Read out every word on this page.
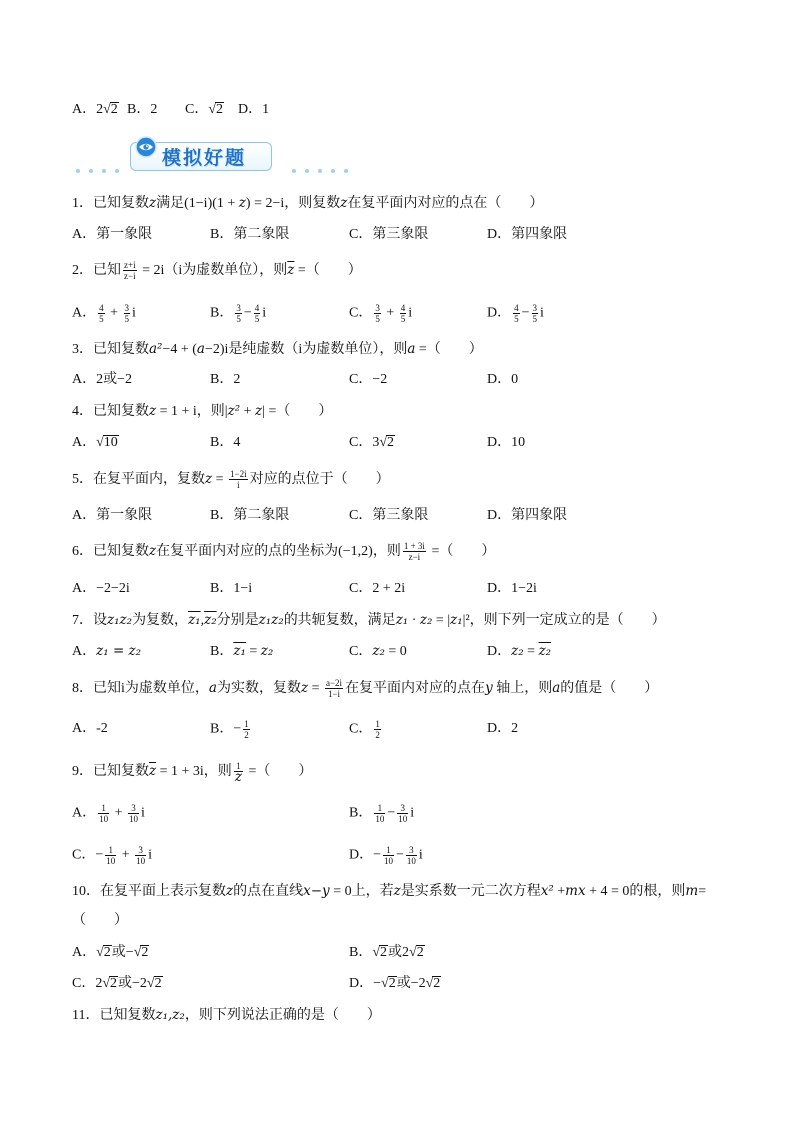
A．2√2 B．2 C．√2 D．1
模拟好题
1．已知复数z满足(1−i)(1 + z) = 2−i，则复数z在复平面内对应的点在（　　）
A．第一象限	B．第二象限	C．第三象限	D．第四象限
2．已知 $\frac{z+i}{z-i} = 2i(i$为虚数单位），则$\overline{z}$ =（　　）
A． $\frac{4}{5} + \frac{3}{5}$ i	B． $\frac{3}{5} - \frac{4}{5}$ i	C． $\frac{3}{5} + \frac{4}{5}$ i	D． $\frac{4}{5} - \frac{3}{5}$ i
3．已知复数a²−4 + (a−2)i是纯虚数（i为虚数单位），则a =（　　）
A．2或−2	B．2	C．−2	D．0
4．已知复数z = 1 + i，则|z² + z| =（　　）
A．√10	B．4	C．3√2	D．10
5．在复平面内，复数$z = \frac{1-2i}{i}$ 对应的点位于（　　）
A．第一象限	B．第二象限	C．第三象限	D．第四象限
6．已知复数z在复平面内对应的点的坐标为(−1,2)，则 $\frac{1 + 3i}{z-i}$ =（　　）
A．−2−2i	B．1−i	C．2 + 2i	D．1−2i
7．设z₁z₂为复数，z₁,z₂分别是z₁z₂的共轭复数，满足z₁ · z₂ = |z₁|²，则下列一定成立的是（　　）
A．z₁ = z₂	B．z₁ = z₂	C．z₂ = 0	D．z₂ = z₂
8．已知i为虚数单位，a为实数，复数$z = \frac{a-2i}{1-i}$ 在复平面内对应的点在y 轴上，则a的值是（　　）
A．-2	B．− $\frac{1}{2}$	C． $\frac{1}{2}$	D．2
9．已知复数$\overline{z} = 1 + 3i$，则 $\frac{1}{z}$ =（　　）
A． $\frac{1}{10} + \frac{3}{10}$ i	B． $\frac{1}{10} - \frac{3}{10}$ i
C．− $\frac{1}{10} + \frac{3}{10}$ i	D．− $\frac{1}{10} - \frac{3}{10}$ i
10．在复平面上表示复数z的点在直线x−y = 0上，若z是实系数一元二次方程x² +mx + 4 = 0的根，则m=
（　　）
A．√2或−√2	B．√2或2√2
C．2√2或−2√2	D．−√2或−2√2
11．已知复数z₁,z₂，则下列说法正确的是（　　）
